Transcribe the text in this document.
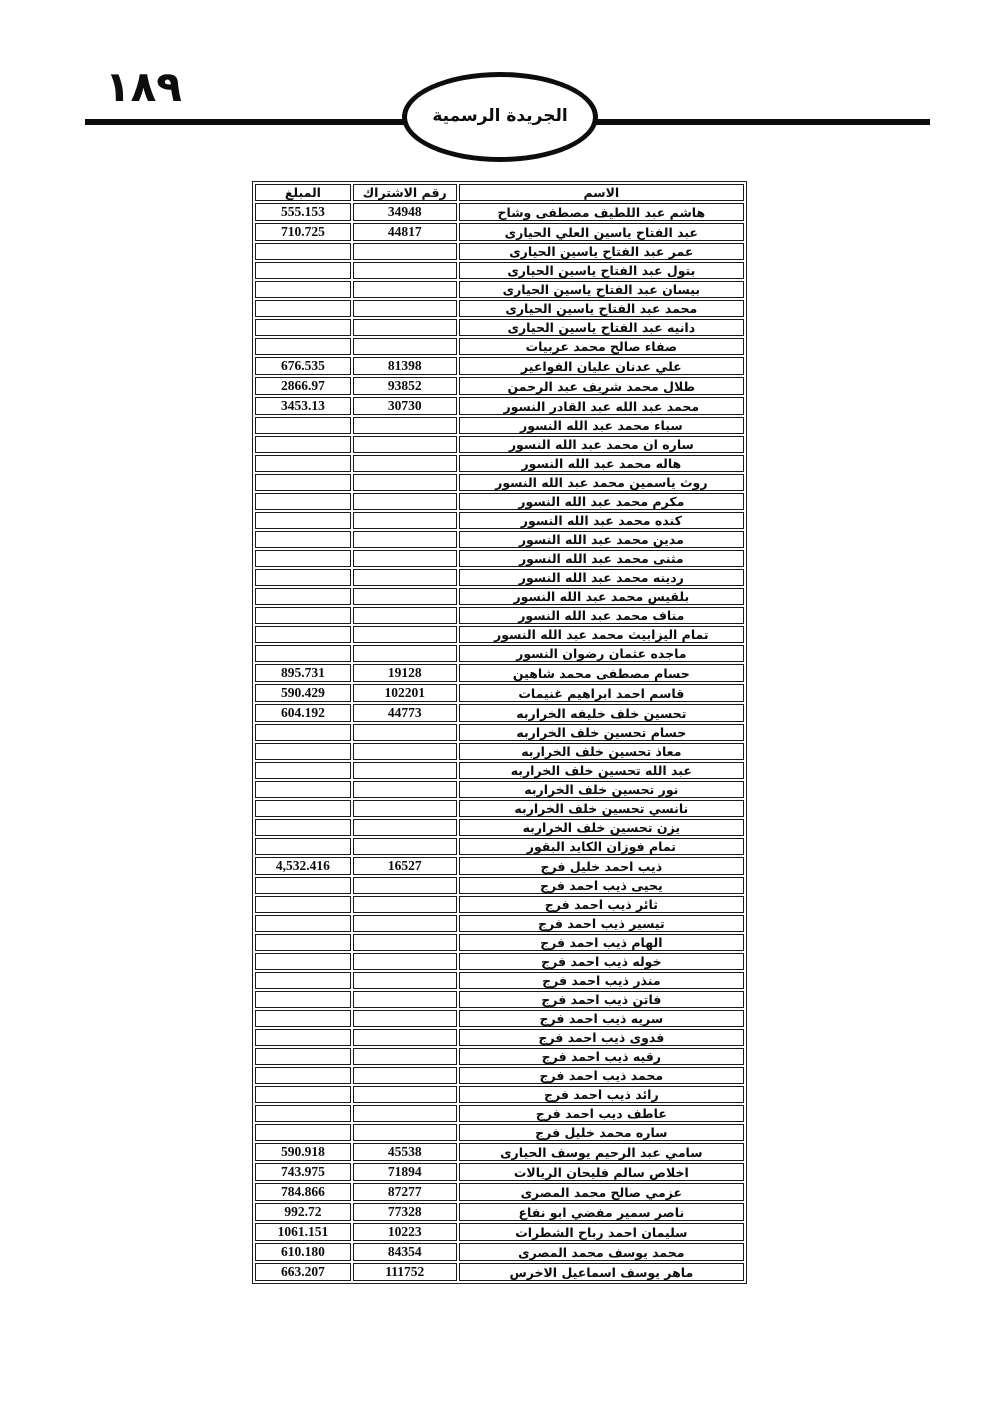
١٨٩
الجريدة الرسمية
الاسم	رقم الاشتراك	المبلغ
هاشم عبد اللطيف مصطفى وشاح	34948	555.153
عبد الفتاح ياسين العلي الحيارى	44817	710.725
عمر عبد الفتاح ياسين الحيارى		
بتول عبد الفتاح ياسين الحيارى		
بيسان عبد الفتاح ياسين الحيارى		
محمد عبد الفتاح ياسين الحيارى		
دانيه عبد الفتاح ياسين الحيارى		
صفاء صالح محمد عربيات		
علي عدنان عليان الفواعير	81398	676.535
طلال محمد شريف عبد الرحمن	93852	2866.97
محمد عبد الله عبد القادر النسور	30730	3453.13
سباء محمد عبد الله النسور		
ساره ان محمد عبد الله النسور		
هاله محمد عبد الله النسور		
روث ياسمين محمد عبد الله النسور		
مكرم محمد عبد الله النسور		
كنده محمد عبد الله النسور		
مدين محمد عبد الله النسور		
مثنى محمد عبد الله النسور		
ردينه محمد عبد الله النسور		
بلقيس محمد عبد الله النسور		
مناف محمد عبد الله النسور		
تمام اليزابيث محمد عبد الله النسور		
ماجده عثمان رضوان النسور		
حسام مصطفى محمد شاهين	19128	895.731
قاسم احمد ابراهيم غنيمات	102201	590.429
تحسين خلف خليفه الخراربه	44773	604.192
حسام تحسين خلف الخراربه		
معاذ تحسين خلف الخراربه		
عبد الله تحسين خلف الخراربه		
نور تحسين خلف الخراربه		
نانسي تحسين خلف الخراربه		
يزن تحسين خلف الخراربه		
تمام فوزان الكايد البقور		
ذيب احمد خليل فرج	16527	4,532.416
يحيى ذيب احمد فرج		
ثائر ذيب احمد فرج		
تيسير ذيب احمد فرج		
الهام ذيب احمد فرج		
خوله ذيب احمد فرج		
منذر ذيب احمد فرج		
فاتن ذيب احمد فرج		
سريه ذيب احمد فرج		
فدوى ذيب احمد فرج		
رقيه ذيب احمد فرج		
محمد ذيب احمد فرج		
رائد ذيب احمد فرج		
عاطف ديب احمد فرج		
ساره محمد خليل فرج		
سامي عبد الرحيم يوسف الحيارى	45538	590.918
اخلاص سالم فليحان الريالات	71894	743.975
عزمي صالح محمد المصرى	87277	784.866
ناصر سمير مفضي ابو نفاع	77328	992.72
سليمان احمد رباح الشطرات	10223	1061.151
محمد يوسف محمد المصرى	84354	610.180
ماهر يوسف اسماعيل الاخرس	111752	663.207
